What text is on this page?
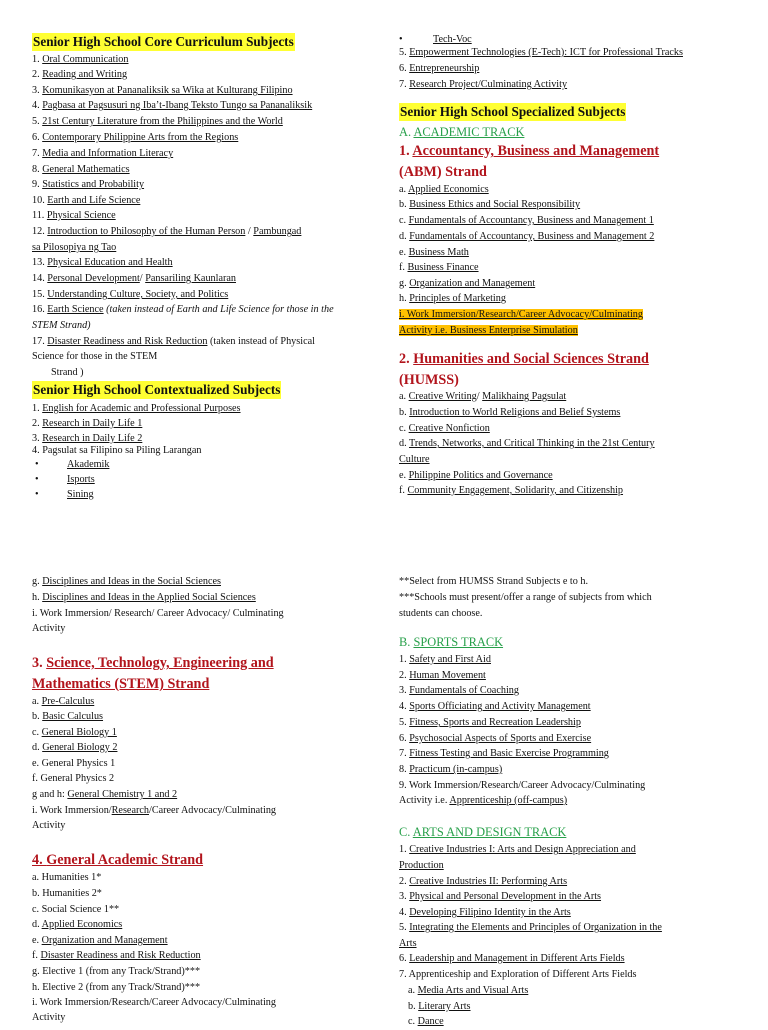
Senior High School Core Curriculum Subjects
1. Oral Communication
2. Reading and Writing
3. Komunikasyon at Pananaliksik sa Wika at Kulturang Filipino
4. Pagbasa at Pagsusuri ng Iba’t-Ibang Teksto Tungo sa Pananaliksik
5. 21st Century Literature from the Philippines and the World
6. Contemporary Philippine Arts from the Regions
7. Media and Information Literacy
8. General Mathematics
9. Statistics and Probability
10. Earth and Life Science
11. Physical Science
12. Introduction to Philosophy of the Human Person / Pambungad
sa Pilosopiya ng Tao
13. Physical Education and Health
14. Personal Development/ Pansariling Kaunlaran
15. Understanding Culture, Society, and Politics
16. Earth Science (taken instead of Earth and Life Science for those in the
STEM Strand)
17. Disaster Readiness and Risk Reduction (taken instead of Physical
Science for those in the STEM
Strand )
Senior High School Contextualized Subjects
1. English for Academic and Professional Purposes
2. Research in Daily Life 1
3. Research in Daily Life 2
4. Pagsulat sa Filipino sa Piling Larangan
•	Akademik
•	Isports
•	Sining
•	Tech-Voc
5. Empowerment Technologies (E-Tech): ICT for Professional Tracks
6. Entrepreneurship
7. Research Project/Culminating Activity
Senior High School Specialized Subjects
A. ACADEMIC TRACK
1. Accountancy, Business and Management
(ABM) Strand
a. Applied Economics
b. Business Ethics and Social Responsibility
c. Fundamentals of Accountancy, Business and Management 1
d. Fundamentals of Accountancy, Business and Management 2
e. Business Math
f. Business Finance
g. Organization and Management
h. Principles of Marketing
i. Work Immersion/Research/Career Advocacy/Culminating
Activity i.e. Business Enterprise Simulation
2. Humanities and Social Sciences Strand
(HUMSS)
a. Creative Writing/ Malikhaing Pagsulat
b. Introduction to World Religions and Belief Systems
c. Creative Nonfiction
d. Trends, Networks, and Critical Thinking in the 21st Century
Culture
e. Philippine Politics and Governance
f. Community Engagement, Solidarity, and Citizenship
g. Disciplines and Ideas in the Social Sciences
h. Disciplines and Ideas in the Applied Social Sciences
i. Work Immersion/ Research/ Career Advocacy/ Culminating
Activity
3. Science, Technology, Engineering and
Mathematics (STEM) Strand
a. Pre-Calculus
b. Basic Calculus
c. General Biology 1
d. General Biology 2
e. General Physics 1
f. General Physics 2
g and h: General Chemistry 1 and 2
i. Work Immersion/Research/Career Advocacy/Culminating
Activity
4. General Academic Strand
a. Humanities 1*
b. Humanities 2*
c. Social Science 1**
d. Applied Economics
e. Organization and Management
f. Disaster Readiness and Risk Reduction
g. Elective 1 (from any Track/Strand)***
h. Elective 2 (from any Track/Strand)***
i. Work Immersion/Research/Career Advocacy/Culminating
Activity
**Select from HUMSS Strand Subjects e to h.
***Schools must present/offer a range of subjects from which
students can choose.
B. SPORTS TRACK
1. Safety and First Aid
2. Human Movement
3. Fundamentals of Coaching
4. Sports Officiating and Activity Management
5. Fitness, Sports and Recreation Leadership
6. Psychosocial Aspects of Sports and Exercise
7. Fitness Testing and Basic Exercise Programming
8. Practicum (in-campus)
9. Work Immersion/Research/Career Advocacy/Culminating
Activity i.e. Apprenticeship (off-campus)
C. ARTS AND DESIGN TRACK
1. Creative Industries I: Arts and Design Appreciation and
Production
2. Creative Industries II: Performing Arts
3. Physical and Personal Development in the Arts
4. Developing Filipino Identity in the Arts
5. Integrating the Elements and Principles of Organization in the
Arts
6. Leadership and Management in Different Arts Fields
7. Apprenticeship and Exploration of Different Arts Fields
a. Media Arts and Visual Arts
b. Literary Arts
c. Dance
